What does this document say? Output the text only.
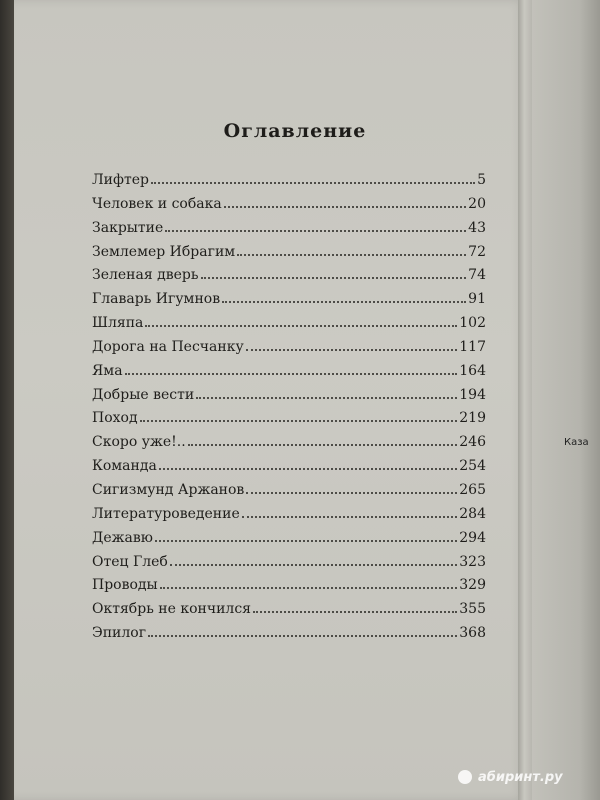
Каза
Оглавление
Лифтер	5
Человек и собака	20
Закрытие	43
Землемер Ибрагим	72
Зеленая дверь	74
Главарь Игумнов	91
Шляпа	102
Дорога на Песчанку	117
Яма	164
Добрые вести	194
Поход	219
Скоро уже!..	246
Команда	254
Сигизмунд Аржанов	265
Литературоведение	284
Дежавю	294
Отец Глеб	323
Проводы	329
Октябрь не кончился	355
Эпилог	368
абиринт.ру
